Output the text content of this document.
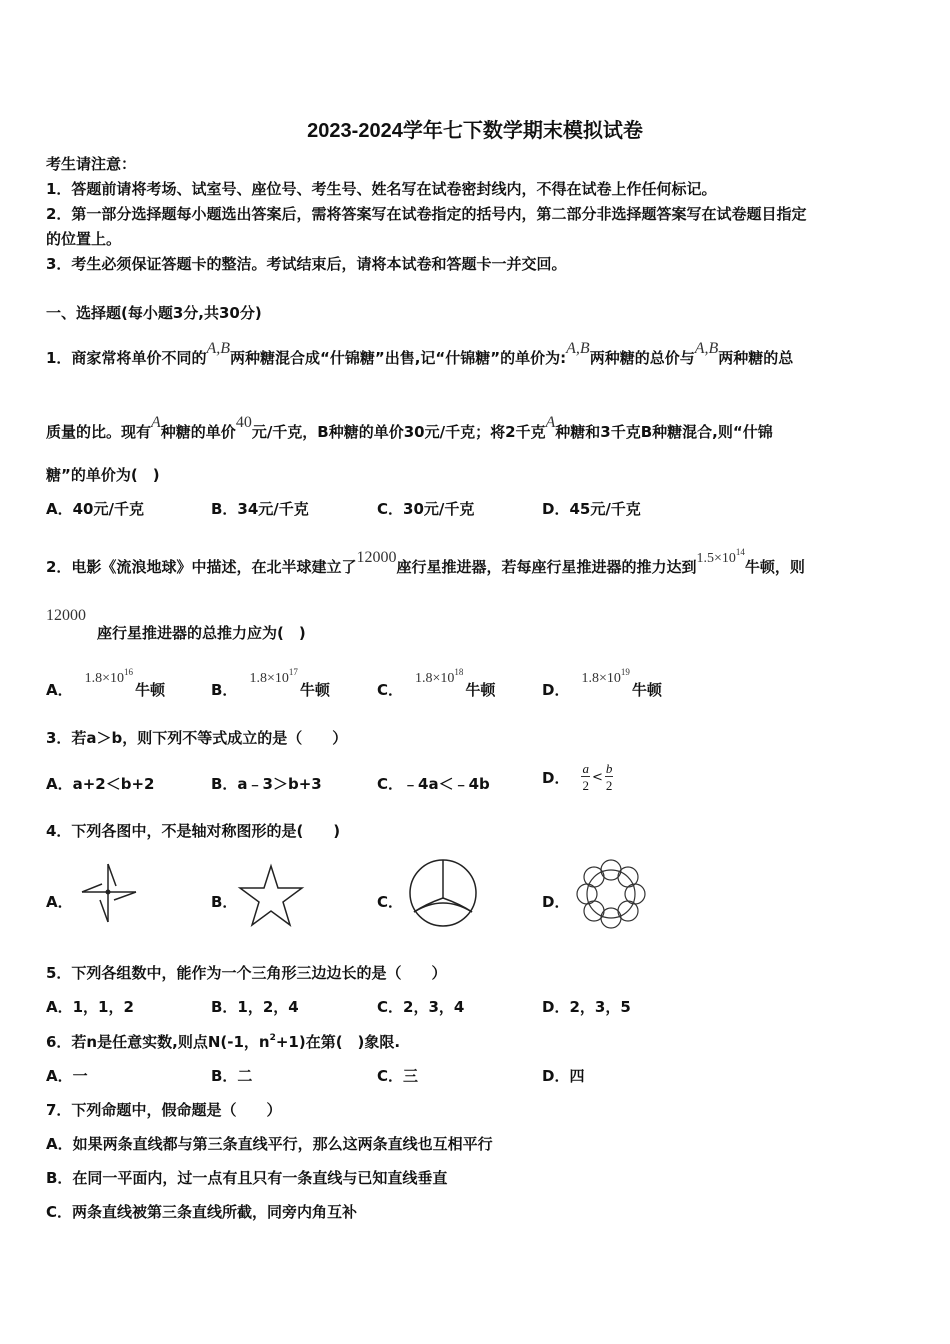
2023-2024学年七下数学期末模拟试卷
考生请注意：
1．答题前请将考场、试室号、座位号、考生号、姓名写在试卷密封线内，不得在试卷上作任何标记。
2．第一部分选择题每小题选出答案后，需将答案写在试卷指定的括号内，第二部分非选择题答案写在试卷题目指定
的位置上。
3．考生必须保证答题卡的整洁。考试结束后，请将本试卷和答题卡一并交回。
一、选择题(每小题3分,共30分)
1．商家常将单价不同的A,B两种糖混合成“什锦糖”出售,记“什锦糖”的单价为:A,B两种糖的总价与A,B两种糖的总
质量的比。现有A种糖的单价40元/千克，B种糖的单价30元/千克；将2千克A种糖和3千克B种糖混合,则“什锦
糖”的单价为(　)
A．40元/千克	B．34元/千克	C．30元/千克	D．45元/千克
2．电影《流浪地球》中描述，在北半球建立了12000座行星推进器，若每座行星推进器的推力达到$1.5\times 10^{14}$牛顿，则
12000
座行星推进器的总推力应为(　)
A．$1.8\times 10^{16}$牛顿	B．$1.8\times 10^{17}$牛顿	C．$1.8\times 10^{18}$牛顿	D．$1.8\times 10^{19}$牛顿
3．若a＞b，则下列不等式成立的是（　　）
A．a+2＜b+2	B．a﹣3＞b+3	C．﹣4a＜﹣4b	D． $\frac{a}{2} < \frac{b}{2}$
4．下列各图中，不是轴对称图形的是(　　)
A．	B．	C．	D．
5．下列各组数中，能作为一个三角形三边边长的是（　　）
A．1，1，2	B．1，2，4	C．2，3，4	D．2，3，5
6．若n是任意实数,则点N(-1，$n^2+1$)在第(　)象限.
A．一	B．二	C．三	D．四
7．下列命题中，假命题是（　　）
A．如果两条直线都与第三条直线平行，那么这两条直线也互相平行
B．在同一平面内，过一点有且只有一条直线与已知直线垂直
C．两条直线被第三条直线所截，同旁内角互补
